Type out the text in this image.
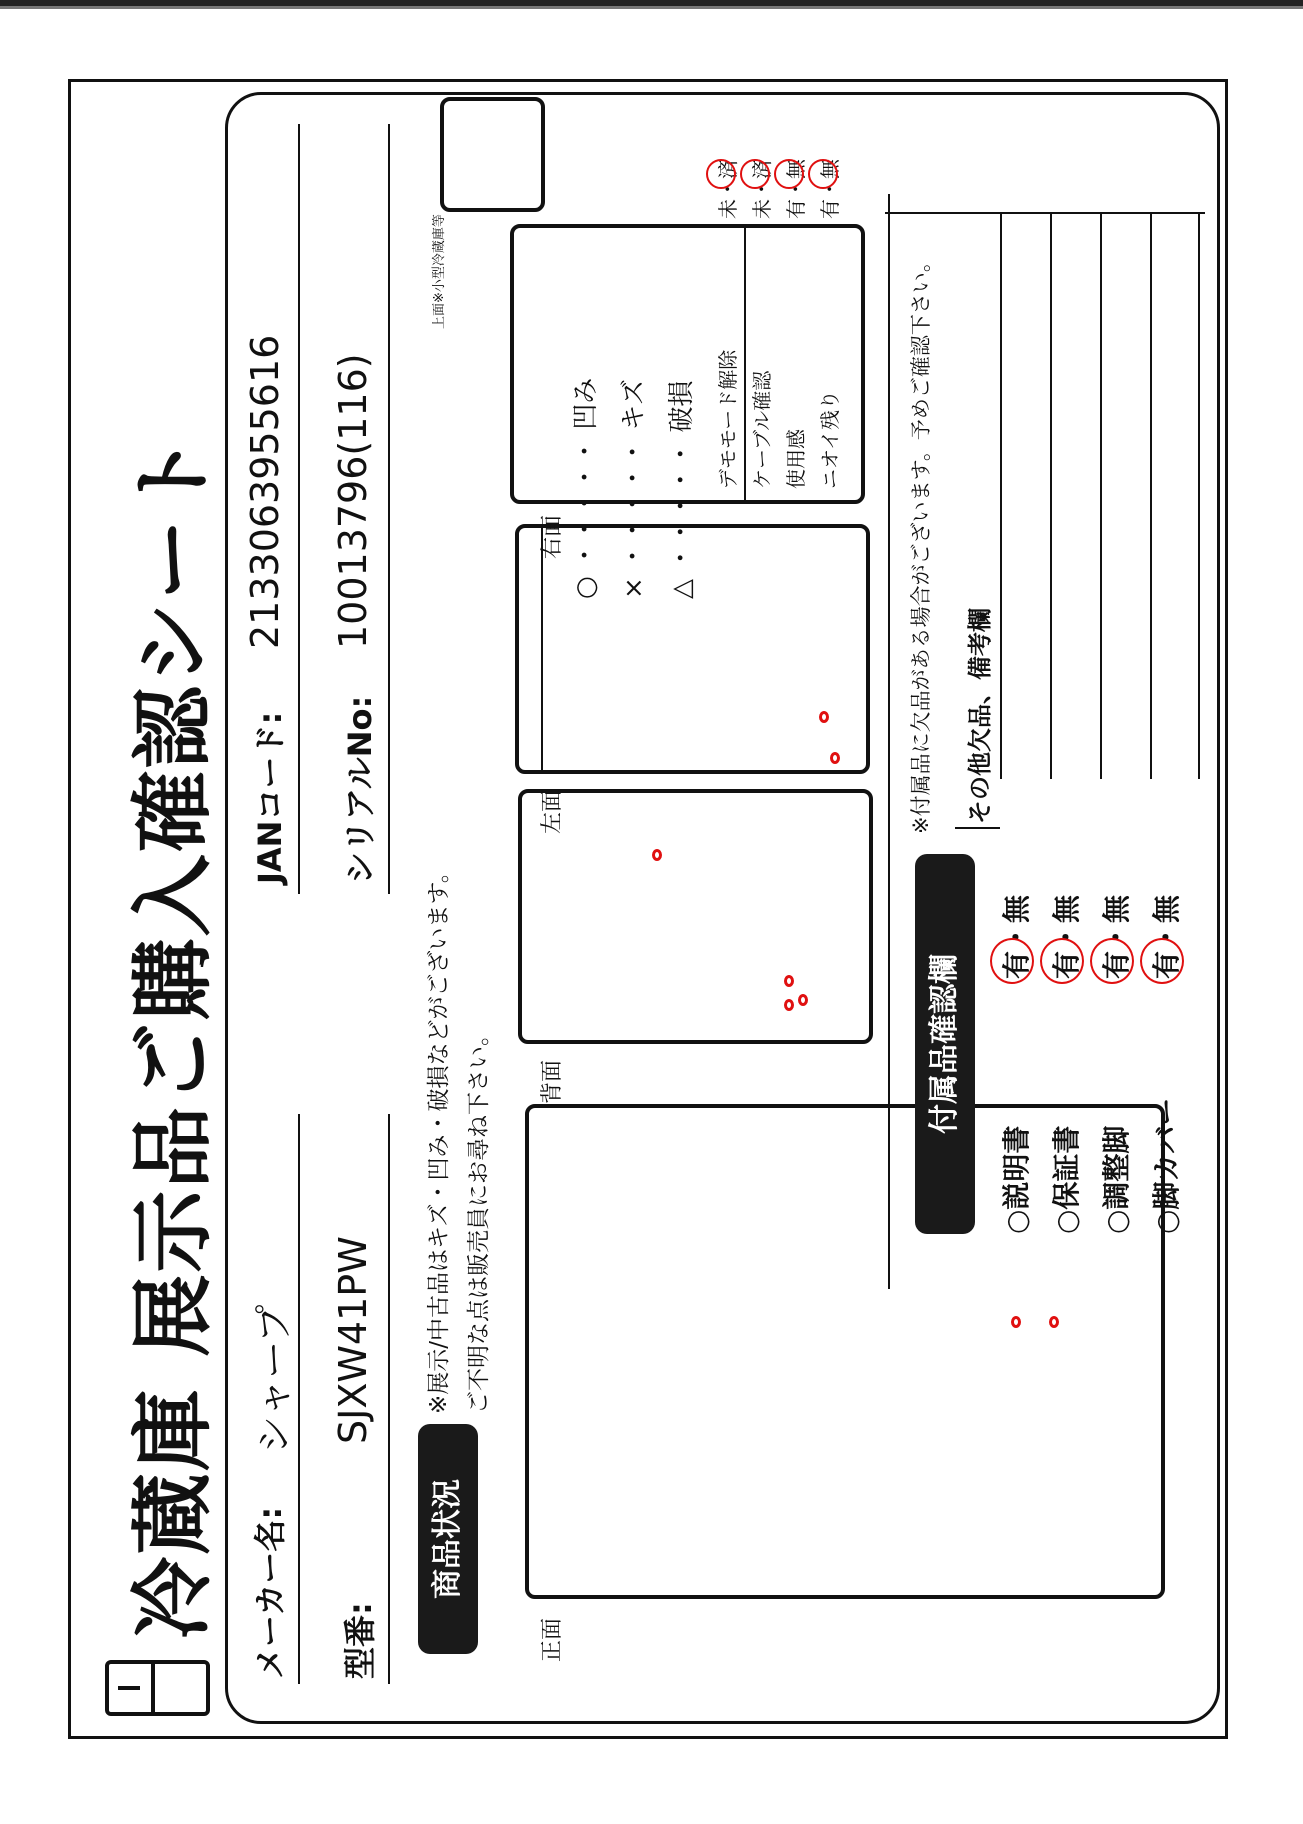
冷蔵庫 展示品ご購入確認シート メーカー名:
シャープ
JANコード:
2133063955616
型番:
SJXW41PW
シリアルNo:
10013796(116)
商品状況
※展示/中古品はキズ・凹み・破損などがございます。 ご不明な点は販売員にお尋ね下さい。
正面
背面
左面
右面
上面※小型冷蔵庫等
○ ・・・・・ 凹み
× ・・・・・ キズ
△ ・・・・・ 破損 デモモード解除未・済
ケーブル確認未・済
使用感有・無
ニオイ残り有・無
付属品確認欄
○説明書有・無
○保証書有・無
○調整脚有・無
○脚カバー有・無
※付属品に欠品がある場合がございます。予めご確認下さい。 その他欠品、備考欄
